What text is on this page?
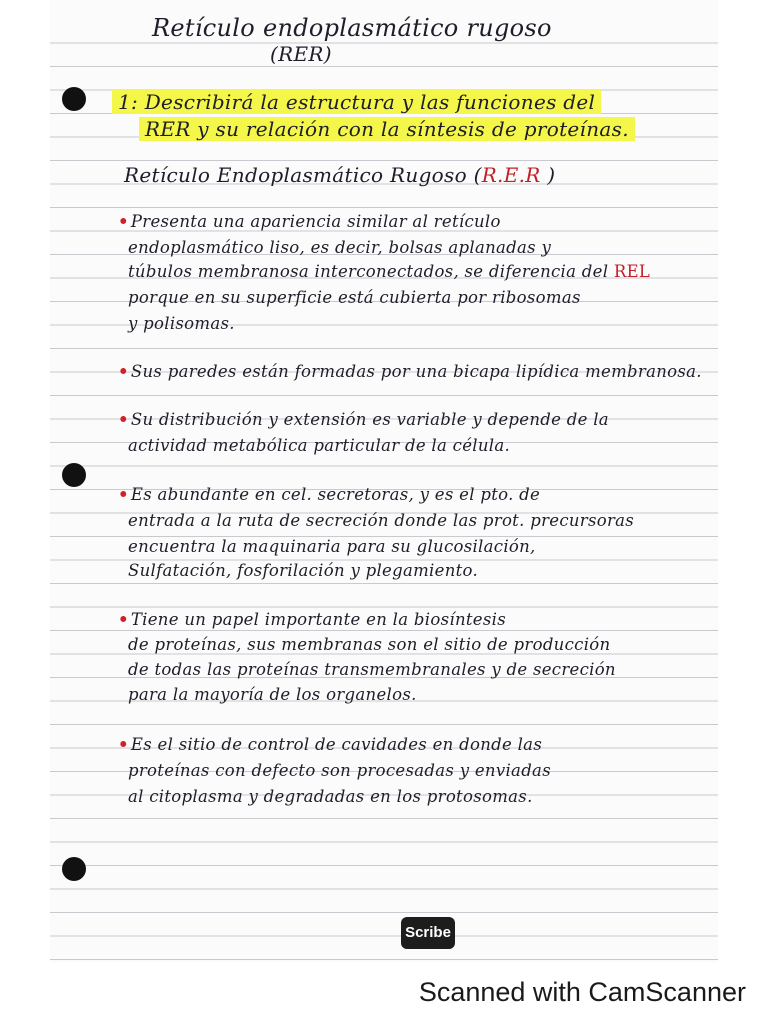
Retículo endoplasmático rugoso
(RER)
1: Describirá la estructura y las funciones del
RER y su relación con la síntesis de proteínas.
Retículo Endoplasmático Rugoso (R.E.R )
• Presenta una apariencia similar al retículo
endoplasmático liso, es decir, bolsas aplanadas y
túbulos membranosa interconectados, se diferencia del REL
porque en su superficie está cubierta por ribosomas
y polisomas.
• Sus paredes están formadas por una bicapa lipídica membranosa.
• Su distribución y extensión es variable y depende de la
actividad metabólica particular de la célula.
• Es abundante en cel. secretoras, y es el pto. de
entrada a la ruta de secreción donde las prot. precursoras
encuentra la maquinaria para su glucosilación,
Sulfatación, fosforilación y plegamiento.
• Tiene un papel importante en la biosíntesis
de proteínas, sus membranas son el sitio de producción
de todas las proteínas transmembranales y de secreción
para la mayoría de los organelos.
• Es el sitio de control de cavidades en donde las
proteínas con defecto son procesadas y enviadas
al citoplasma y degradadas en los protosomas.
Scribe
Scanned with CamScanner
